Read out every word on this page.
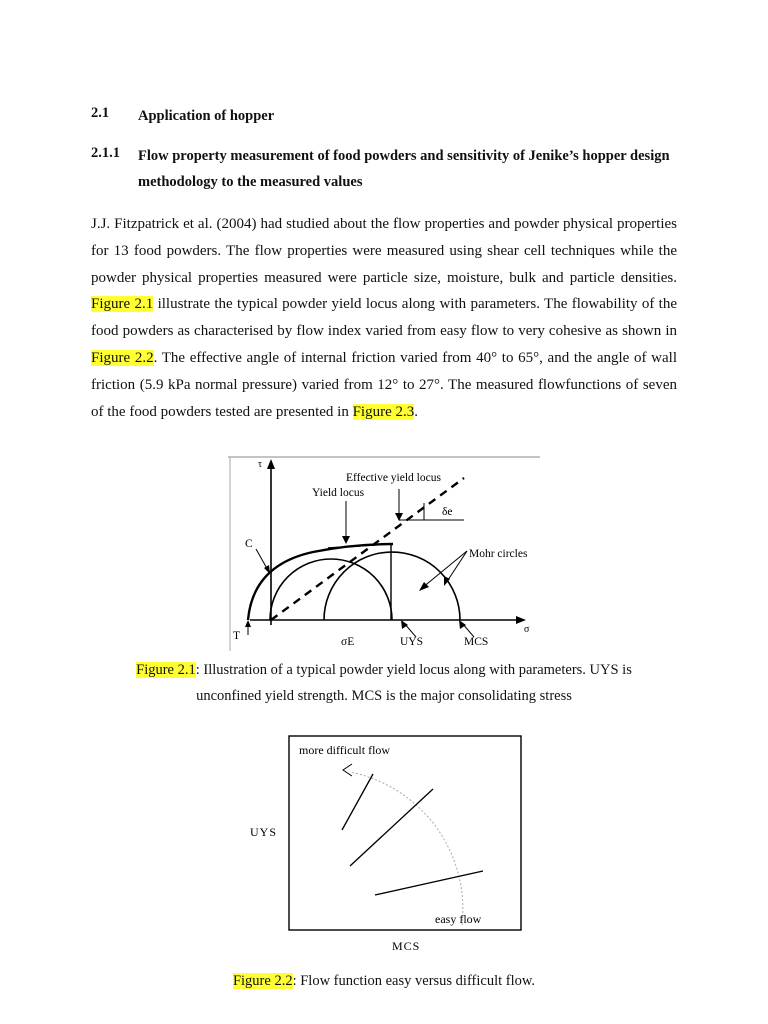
2.1 Application of hopper
2.1.1 Flow property measurement of food powders and sensitivity of Jenike’s hopper design methodology to the measured values
J.J. Fitzpatrick et al. (2004) had studied about the flow properties and powder physical properties for 13 food powders. The flow properties were measured using shear cell techniques while the powder physical properties measured were particle size, moisture, bulk and particle densities. Figure 2.1 illustrate the typical powder yield locus along with parameters. The flowability of the food powders as characterised by flow index varied from easy flow to very cohesive as shown in Figure 2.2. The effective angle of internal friction varied from 40° to 65°, and the angle of wall friction (5.9 kPa normal pressure) varied from 12° to 27°. The measured flowfunctions of seven of the food powders tested are presented in Figure 2.3.
τ
Effective yield locus
Yield locus
δe
C
Mohr circles
σ
T	σE	UYS	MCS
Figure 2.1: Illustration of a typical powder yield locus along with parameters. UYS is
unconfined yield strength. MCS is the major consolidating stress
more difficult flow
easy flow
UYS
MCS
Figure 2.2: Flow function easy versus difficult flow.
